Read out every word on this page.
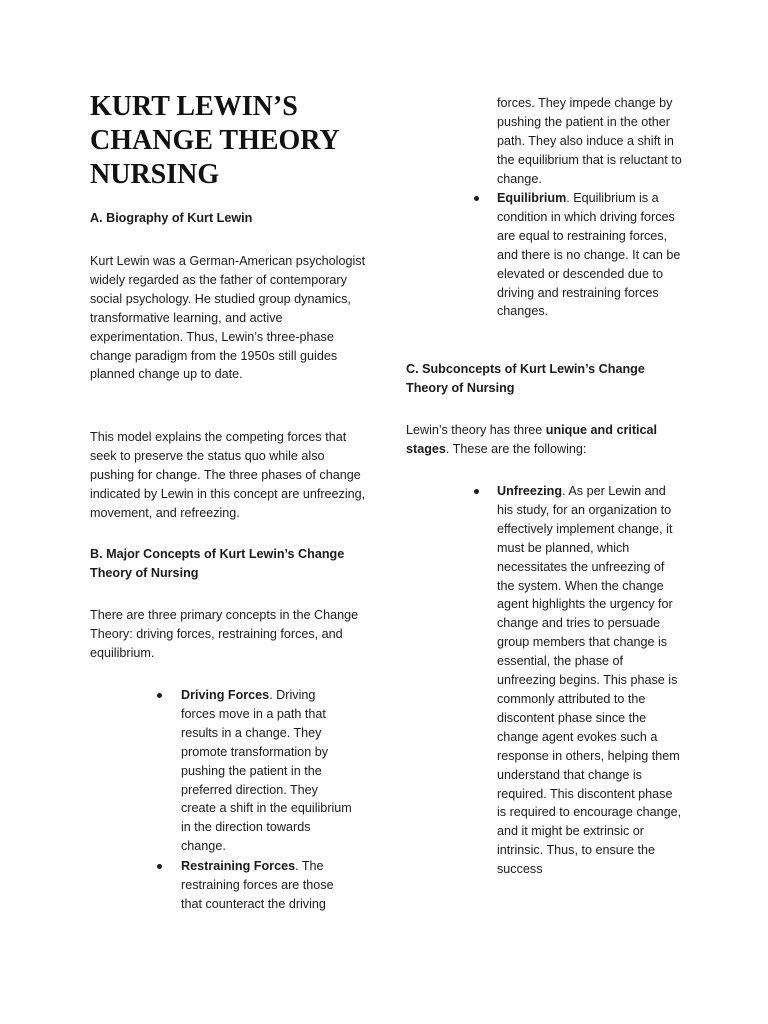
KURT LEWIN’S CHANGE THEORY NURSING

A. Biography of Kurt Lewin

Kurt Lewin was a German-American psychologist widely regarded as the father of contemporary social psychology. He studied group dynamics, transformative learning, and active experimentation. Thus, Lewin’s three-phase change paradigm from the 1950s still guides planned change up to date.

This model explains the competing forces that seek to preserve the status quo while also pushing for change. The three phases of change indicated by Lewin in this concept are unfreezing, movement, and refreezing.

B. Major Concepts of Kurt Lewin’s Change Theory of Nursing

There are three primary concepts in the Change Theory: driving forces, restraining forces, and equilibrium.

Driving Forces. Driving forces move in a path that results in a change. They promote transformation by pushing the patient in the preferred direction. They create a shift in the equilibrium in the direction towards change.
Restraining Forces. The restraining forces are those that counteract the driving

forces. They impede change by pushing the patient in the other path. They also induce a shift in the equilibrium that is reluctant to change.

Equilibrium. Equilibrium is a condition in which driving forces are equal to restraining forces, and there is no change. It can be elevated or descended due to driving and restraining forces changes.

C. Subconcepts of Kurt Lewin’s Change Theory of Nursing

Lewin’s theory has three unique and critical stages. These are the following:

Unfreezing. As per Lewin and his study, for an organization to effectively implement change, it must be planned, which necessitates the unfreezing of the system. When the change agent highlights the urgency for change and tries to persuade group members that change is essential, the phase of unfreezing begins. This phase is commonly attributed to the discontent phase since the change agent evokes such a response in others, helping them understand that change is required. This discontent phase is required to encourage change, and it might be extrinsic or intrinsic. Thus, to ensure the success
